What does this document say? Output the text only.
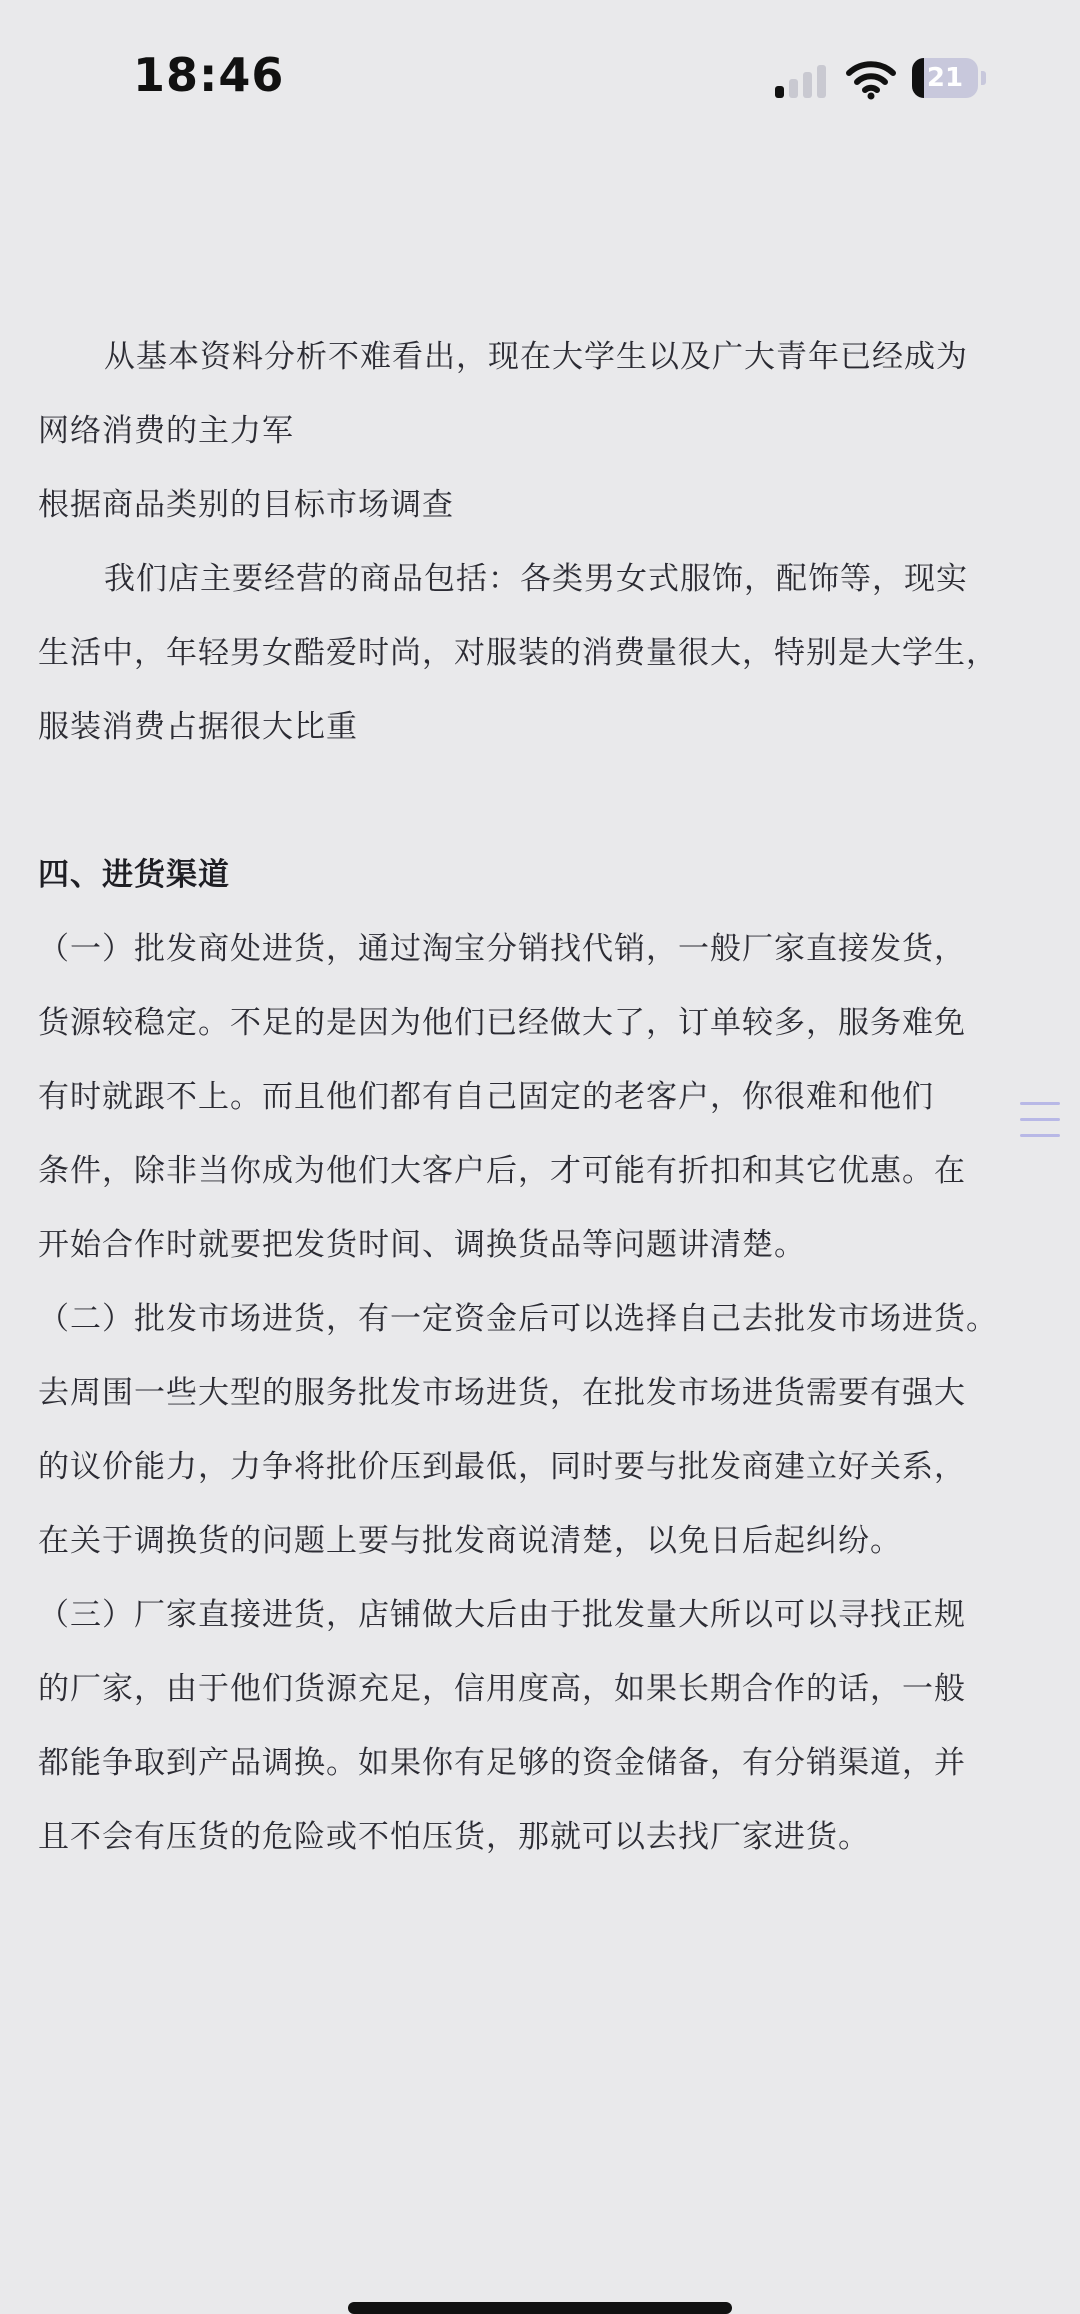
18:46	21
从基本资料分析不难看出，现在大学生以及广大青年已经成为
网络消费的主力军
根据商品类别的目标市场调查
我们店主要经营的商品包括：各类男女式服饰，配饰等，现实
生活中，年轻男女酷爱时尚，对服装的消费量很大，特别是大学生，
服装消费占据很大比重
四、进货渠道
（一）批发商处进货，通过淘宝分销找代销，一般厂家直接发货，
货源较稳定。不足的是因为他们已经做大了，订单较多，服务难免
有时就跟不上。而且他们都有自己固定的老客户，你很难和他们
条件，除非当你成为他们大客户后，才可能有折扣和其它优惠。在
开始合作时就要把发货时间、调换货品等问题讲清楚。
（二）批发市场进货，有一定资金后可以选择自己去批发市场进货。
去周围一些大型的服务批发市场进货，在批发市场进货需要有强大
的议价能力，力争将批价压到最低，同时要与批发商建立好关系，
在关于调换货的问题上要与批发商说清楚，以免日后起纠纷。
（三）厂家直接进货，店铺做大后由于批发量大所以可以寻找正规
的厂家，由于他们货源充足，信用度高，如果长期合作的话，一般
都能争取到产品调换。如果你有足够的资金储备，有分销渠道，并
且不会有压货的危险或不怕压货，那就可以去找厂家进货。
